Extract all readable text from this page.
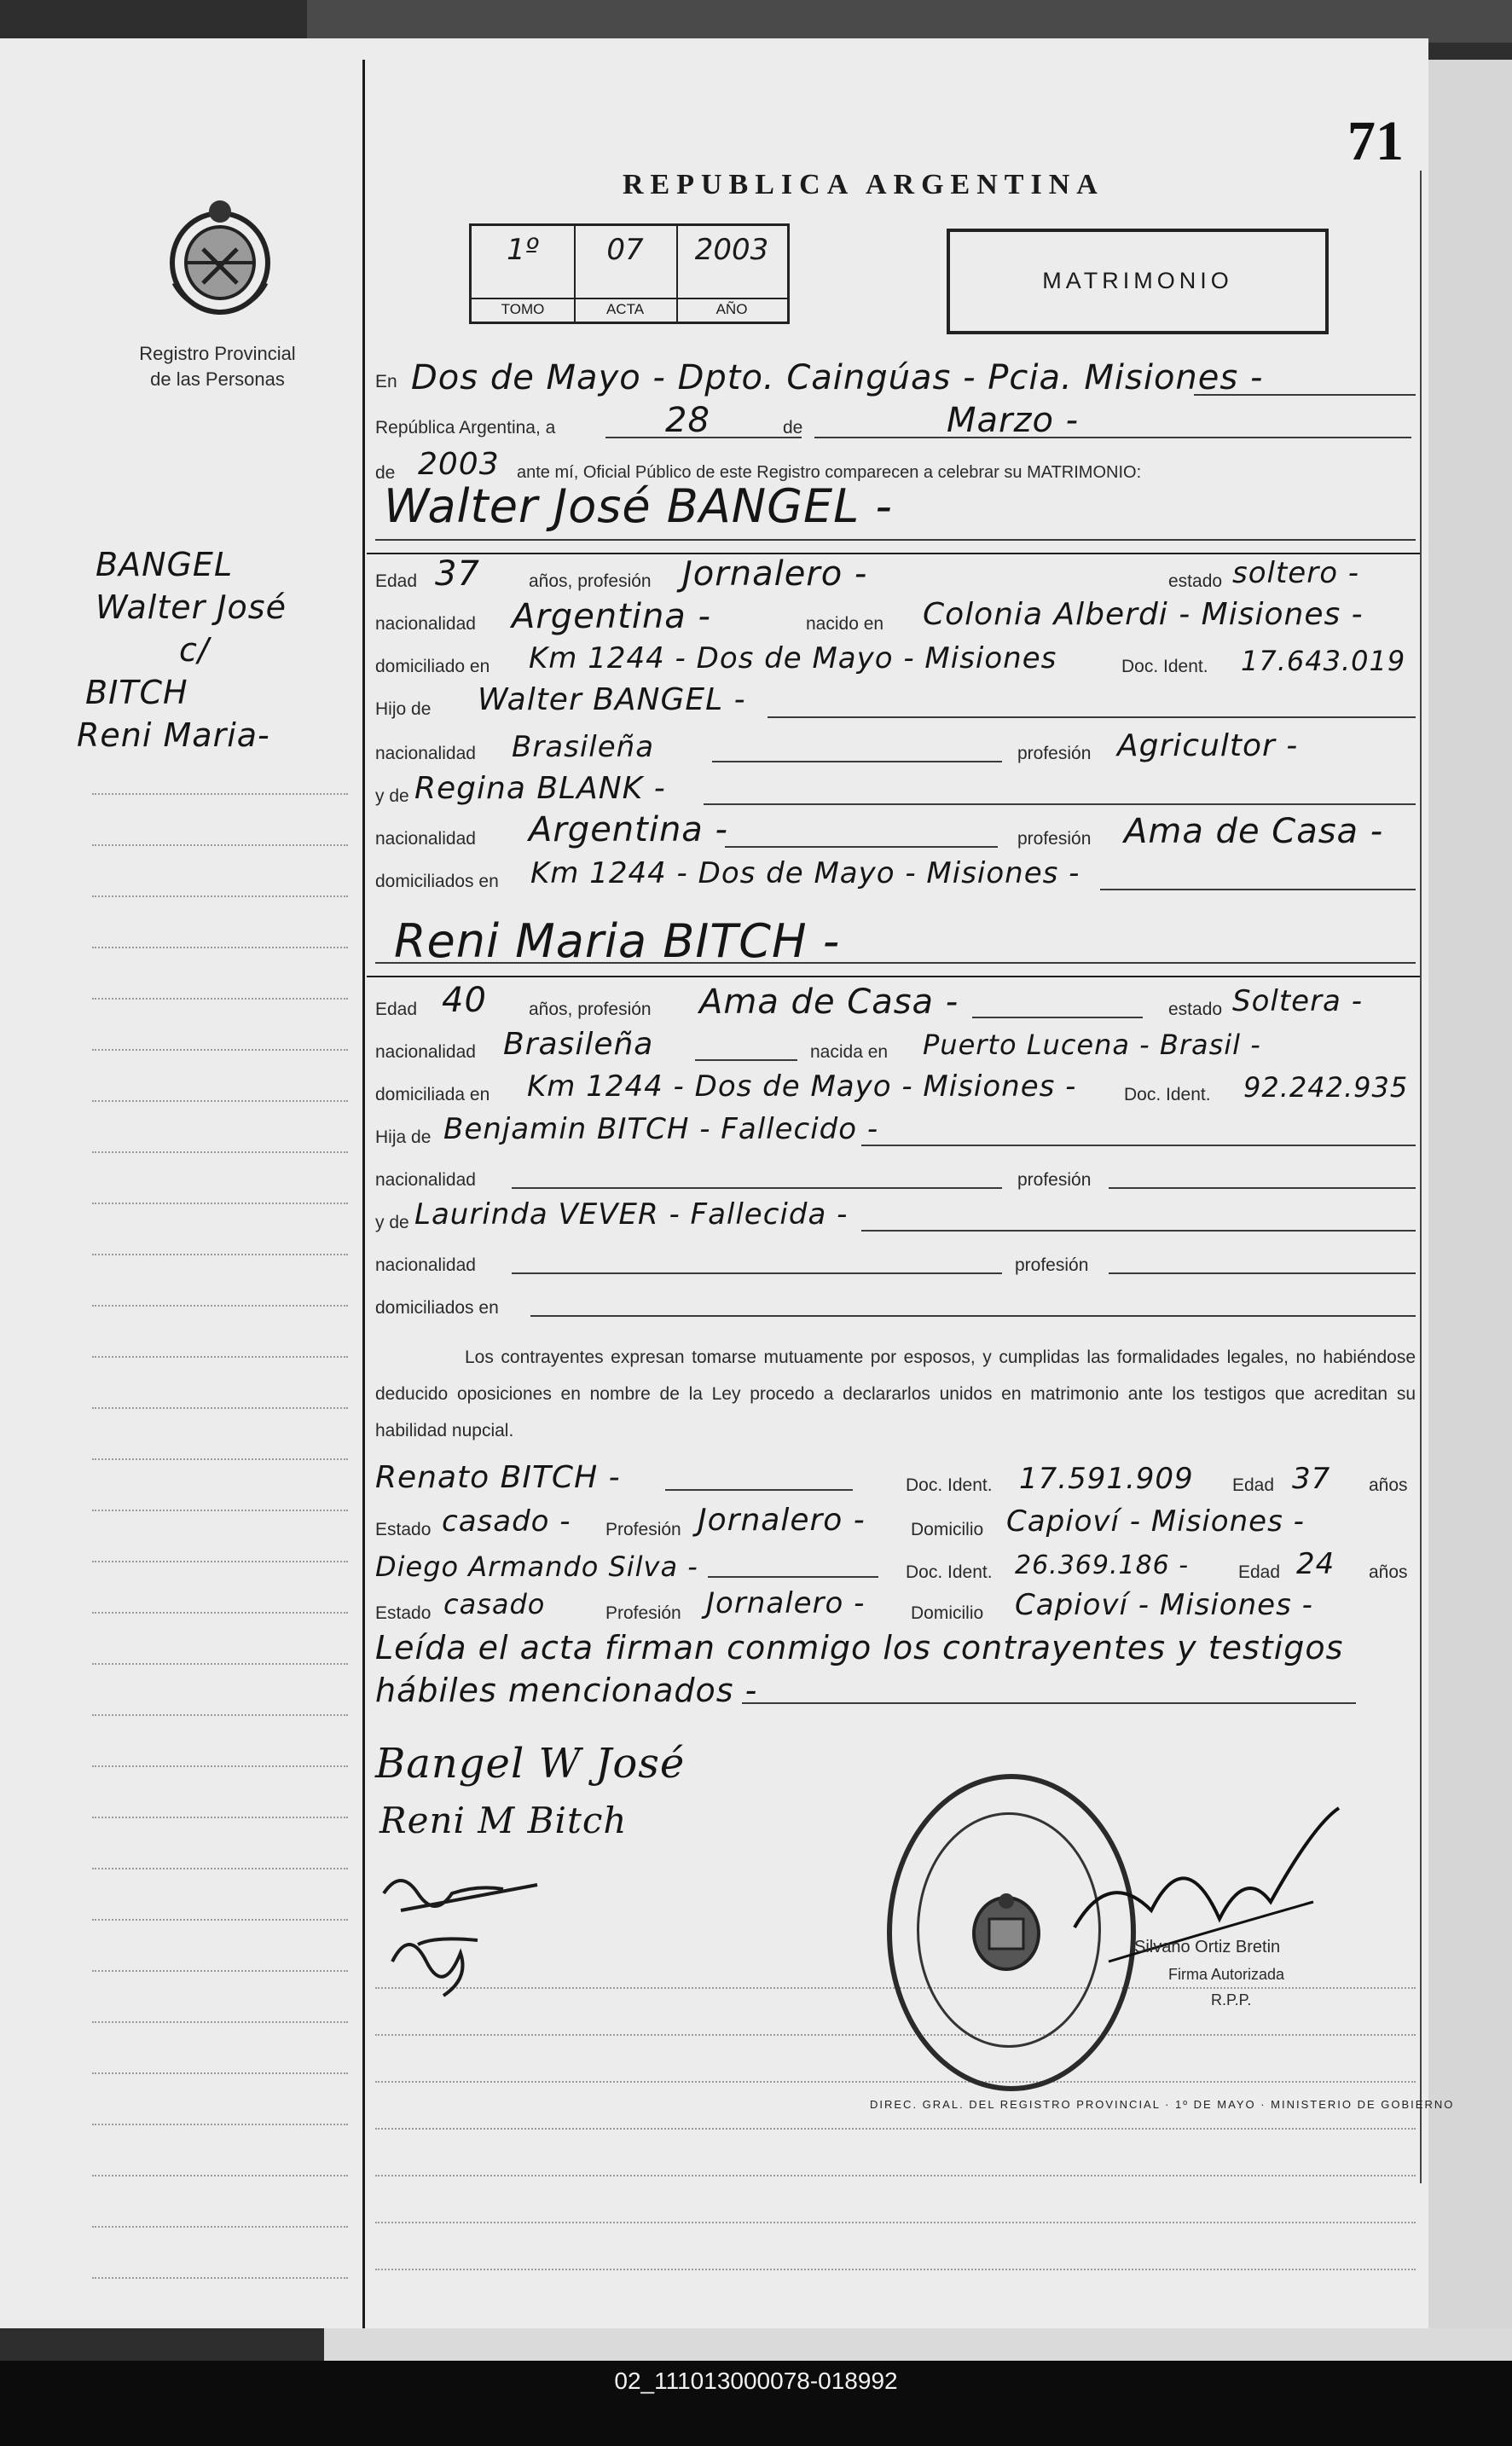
71
REPUBLICA ARGENTINA
Registro Provincial
de las Personas
1º
TOMO
07
ACTA
2003
AÑO
MATRIMONIO
BANGEL
Walter José
c/
BITCH
Reni Maria-
En Dos de Mayo - Dpto. Caingúas - Pcia. Misiones -
República Argentina, a	28	de	Marzo -
de 2003 ante mí, Oficial Público de este Registro comparecen a celebrar su MATRIMONIO:
Walter José BANGEL -
Edad 37	años, profesión Jornalero -	estado soltero -
nacionalidad Argentina -	nacido en Colonia Alberdi - Misiones -
domiciliado en Km 1244 - Dos de Mayo - Misiones	Doc. Ident. 17.643.019
Hijo de Walter BANGEL -
nacionalidad Brasileña	profesión Agricultor -
y de Regina BLANK -
nacionalidad Argentina -	profesión Ama de Casa -
domiciliados en Km 1244 - Dos de Mayo - Misiones -
Reni Maria BITCH -
Edad 40 años, profesión Ama de Casa -	estado Soltera -
nacionalidad Brasileña	nacida en Puerto Lucena - Brasil -
domiciliada en Km 1244 - Dos de Mayo - Misiones -	Doc. Ident. 92.242.935
Hija de Benjamin BITCH - Fallecido -
nacionalidad	profesión
y de Laurinda VEVER - Fallecida -
nacionalidad	profesión
domiciliados en
Los contrayentes expresan tomarse mutuamente por esposos, y cumplidas las formalidades legales, no habiéndose deducido oposiciones en nombre de la Ley procedo a declararlos unidos en matrimonio ante los testigos que acreditan su habilidad nupcial.
Renato BITCH -	Doc. Ident. 17.591.909 Edad 37 años
Estado casado - Profesión Jornalero -	Domicilio Capioví - Misiones -
Diego Armando Silva -	Doc. Ident. 26.369.186 -	Edad 24 años
Estado casado	Profesión Jornalero -	Domicilio Capioví - Misiones -
Leída el acta firman conmigo los contrayentes y testigos
hábiles mencionados -
Bangel W José
Reni M Bitch
DIREC. GRAL. DEL REGISTRO PROVINCIAL · 1º DE MAYO · MINISTERIO DE GOBIERNO
Silvano Ortiz Bretin
Firma Autorizada
R.P.P.
02_111013000078-018992
